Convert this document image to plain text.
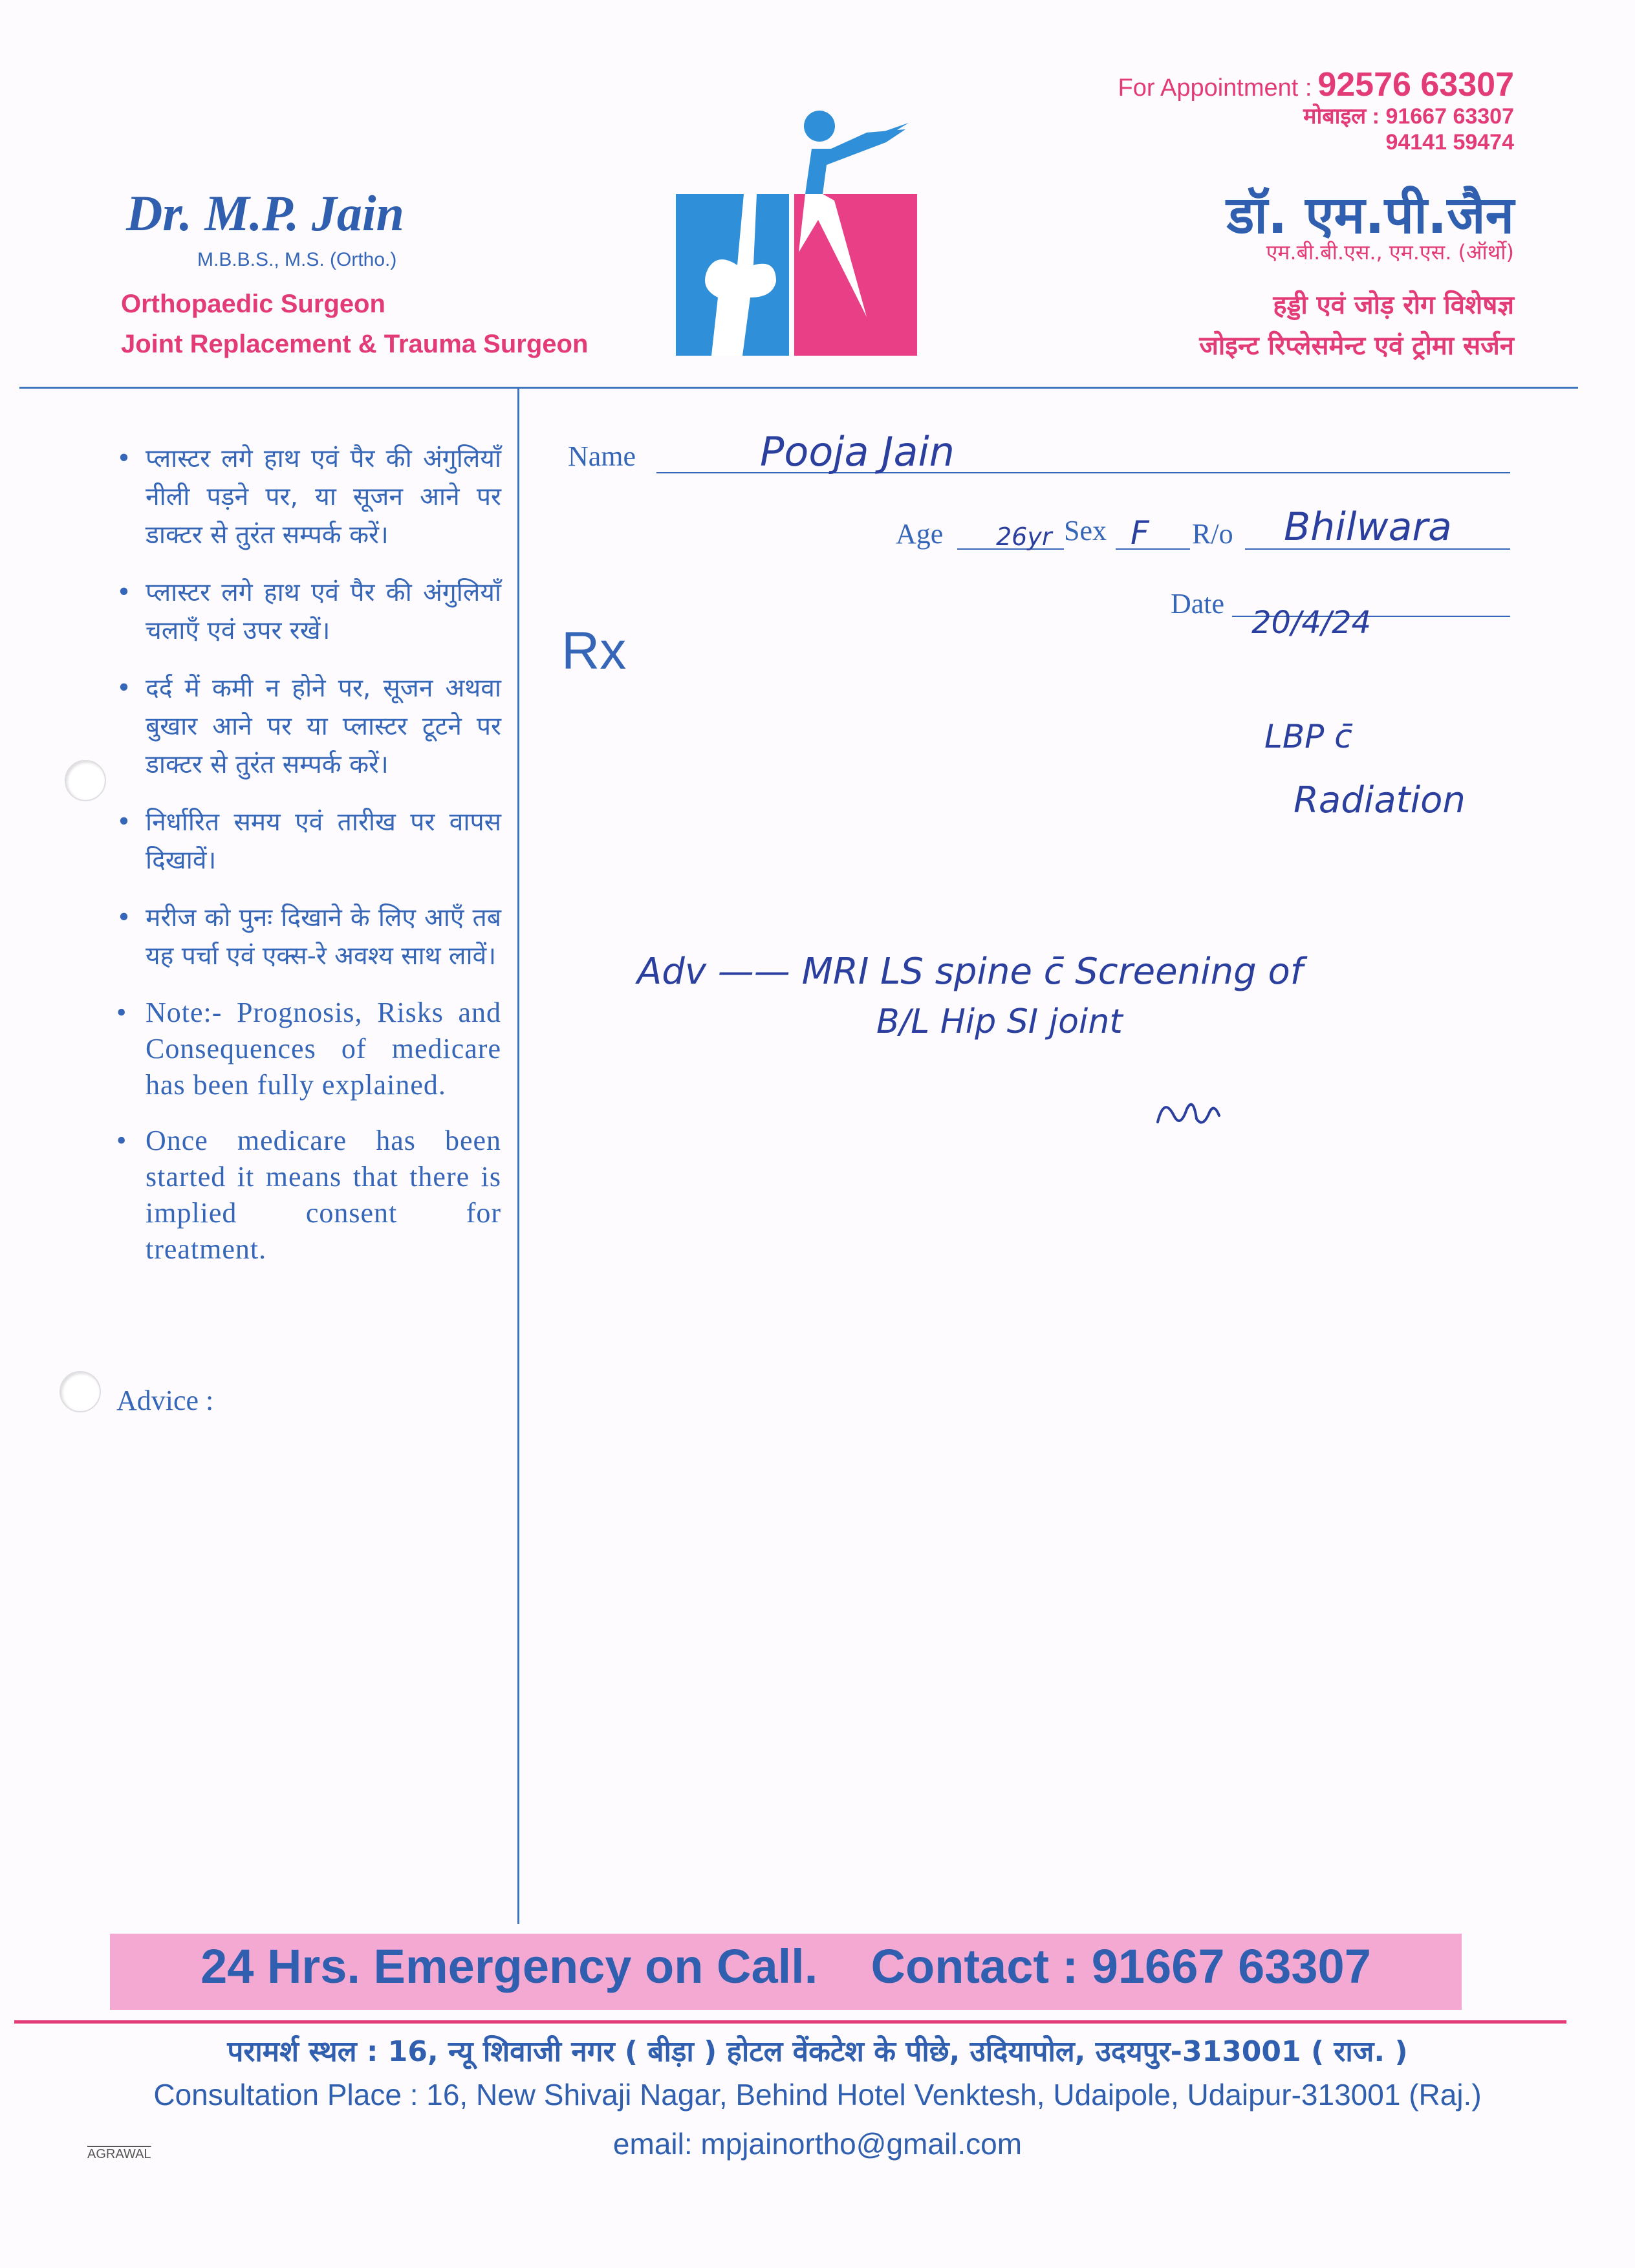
Dr. M.P. Jain
M.B.B.S., M.S. (Ortho.)
Orthopaedic Surgeon
Joint Replacement & Trauma Surgeon
For Appointment : 92576 63307
मोबाइल : 91667 63307
94141 59474
डॉ. एम.पी.जैन
एम.बी.बी.एस., एम.एस. (ऑर्थो)
हड्डी एवं जोड़ रोग विशेषज्ञ
जोइन्ट रिप्लेसमेन्ट एवं ट्रोमा सर्जन
• प्लास्टर लगे हाथ एवं पैर की अंगुलियाँ नीली पड़ने पर, या सूजन आने पर डाक्टर से तुरंत सम्पर्क करें।
• प्लास्टर लगे हाथ एवं पैर की अंगुलियाँ चलाएँ एवं उपर रखें।
• दर्द में कमी न होने पर, सूजन अथवा बुखार आने पर या प्लास्टर टूटने पर डाक्टर से तुरंत सम्पर्क करें।
• निर्धारित समय एवं तारीख पर वापस दिखावें।
• मरीज को पुनः दिखाने के लिए आएँ तब यह पर्चा एवं एक्स-रे अवश्य साथ लावें।
• Note:- Prognosis, Risks and Consequences of medicare has been fully explained.
• Once medicare has been started it means that there is implied consent for treatment.
Advice :
Name	Pooja Jain
Age 26yr Sex F R/o Bhilwara
Date
20/4/24
Rx
LBP c̄
Radiation
Adv —— MRI LS spine c̄ Screening of
B/L Hip SI joint
24 Hrs. Emergency on Call. Contact : 91667 63307
परामर्श स्थल : 16, न्यू शिवाजी नगर ( बीड़ा ) होटल वेंकटेश के पीछे, उदियापोल, उदयपुर-313001 ( राज. )
Consultation Place : 16, New Shivaji Nagar, Behind Hotel Venktesh, Udaipole, Udaipur-313001 (Raj.)
email: mpjainortho@gmail.com
AGRAWAL
